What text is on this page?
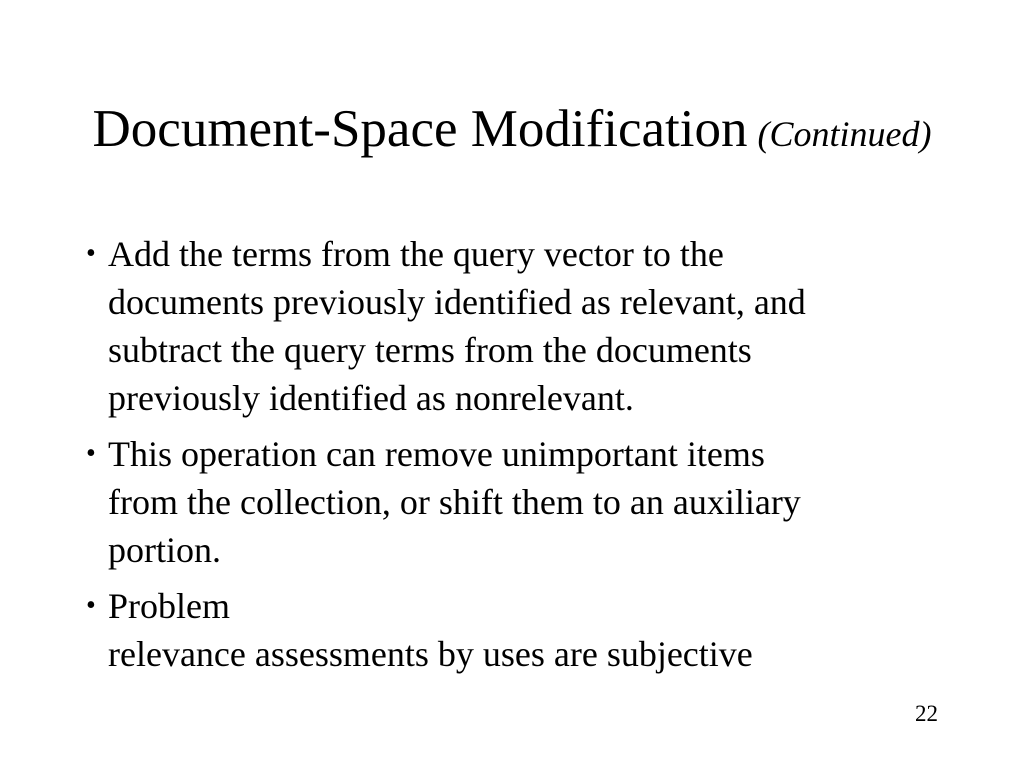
Document-Space Modification (Continued)
• Add the terms from the query vector to the
documents previously identified as relevant, and
subtract the query terms from the documents
previously identified as nonrelevant.
• This operation can remove unimportant items
from the collection, or shift them to an auxiliary
portion.
• Problem
relevance assessments by uses are subjective
22
